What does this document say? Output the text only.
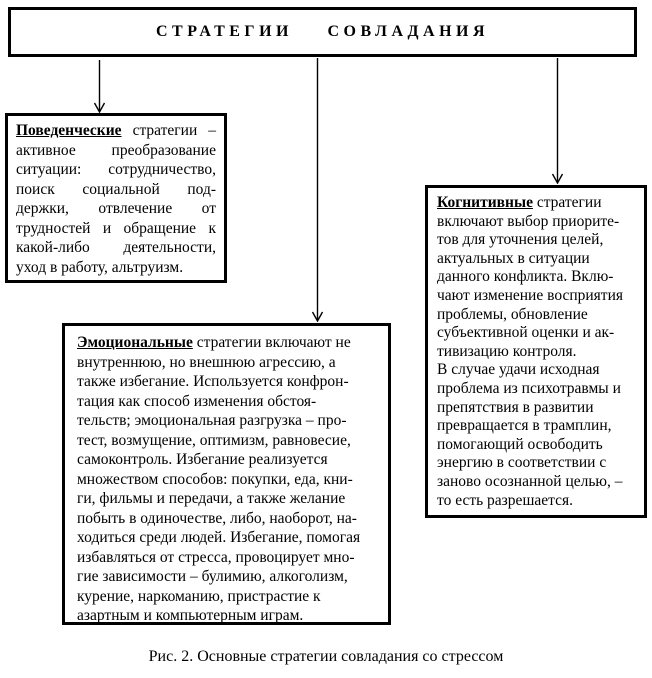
СТРАТЕГИИ СОВЛАДАНИЯ
Поведенческие стратегии –
активное преобразование
ситуации: сотрудничество,
поиск социальной под-
держки, отвлечение от
трудностей и обращение к
какой-либо деятельности,
уход в работу, альтруизм.
Эмоциональные стратегии включают не
внутреннюю, но внешнюю агрессию, а
также избегание. Используется конфрон-
тация как способ изменения обстоя-
тельств; эмоциональная разгрузка – про-
тест, возмущение, оптимизм, равновесие,
самоконтроль. Избегание реализуется
множеством способов: покупки, еда, кни-
ги, фильмы и передачи, а также желание
побыть в одиночестве, либо, наоборот, на-
ходиться среди людей. Избегание, помогая
избавляться от стресса, провоцирует мно-
гие зависимости – булимию, алкоголизм,
курение, наркоманию, пристрастие к
азартным и компьютерным играм.
Когнитивные стратегии
включают выбор приорите-
тов для уточнения целей,
актуальных в ситуации
данного конфликта. Вклю-
чают изменение восприятия
проблемы, обновление
субъективной оценки и ак-
тивизацию контроля.
В случае удачи исходная
проблема из психотравмы и
препятствия в развитии
превращается в трамплин,
помогающий освободить
энергию в соответствии с
заново осознанной целью, –
то есть разрешается.
Рис. 2. Основные стратегии совладания со стрессом
